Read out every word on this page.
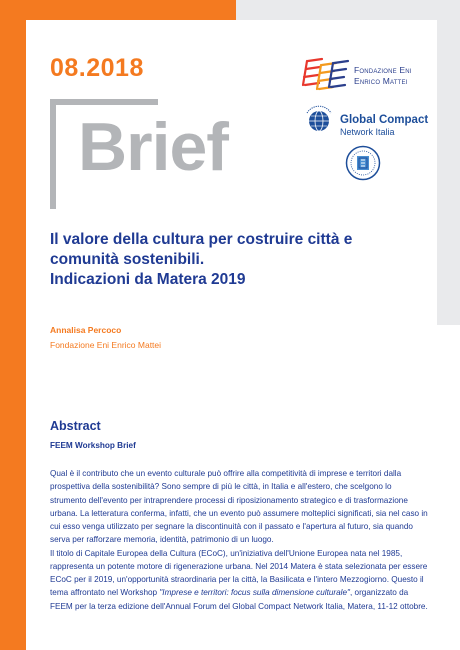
08.2018
Brief
Fondazione Eni
Enrico Mattei
Global Compact
Network Italia
Il valore della cultura per costruire città e
comunità sostenibili.
Indicazioni da Matera 2019
Annalisa Percoco
Fondazione Eni Enrico Mattei
Abstract
FEEM Workshop Brief

Qual è il contributo che un evento culturale può offrire alla competitività di imprese e territori dalla prospettiva della sostenibilità? Sono sempre di più le città, in Italia e all'estero, che scelgono lo strumento dell'evento per intraprendere processi di riposizionamento strategico e di trasformazione urbana. La letteratura conferma, infatti, che un evento può assumere molteplici significati, sia nel caso in cui esso venga utilizzato per segnare la discontinuità con il passato e l'apertura al futuro, sia quando serva per rafforzare memoria, identità, patrimonio di un luogo.

Il titolo di Capitale Europea della Cultura (ECoC), un'iniziativa dell'Unione Europea nata nel 1985, rappresenta un potente motore di rigenerazione urbana. Nel 2014 Matera è stata selezionata per essere ECoC per il 2019, un'opportunità straordinaria per la città, la Basilicata e l'intero Mezzogiorno. Questo il tema affrontato nel Workshop "Imprese e territori: focus sulla dimensione culturale", organizzato da FEEM per la terza edizione dell'Annual Forum del Global Compact Network Italia, Matera, 11-12 ottobre.
